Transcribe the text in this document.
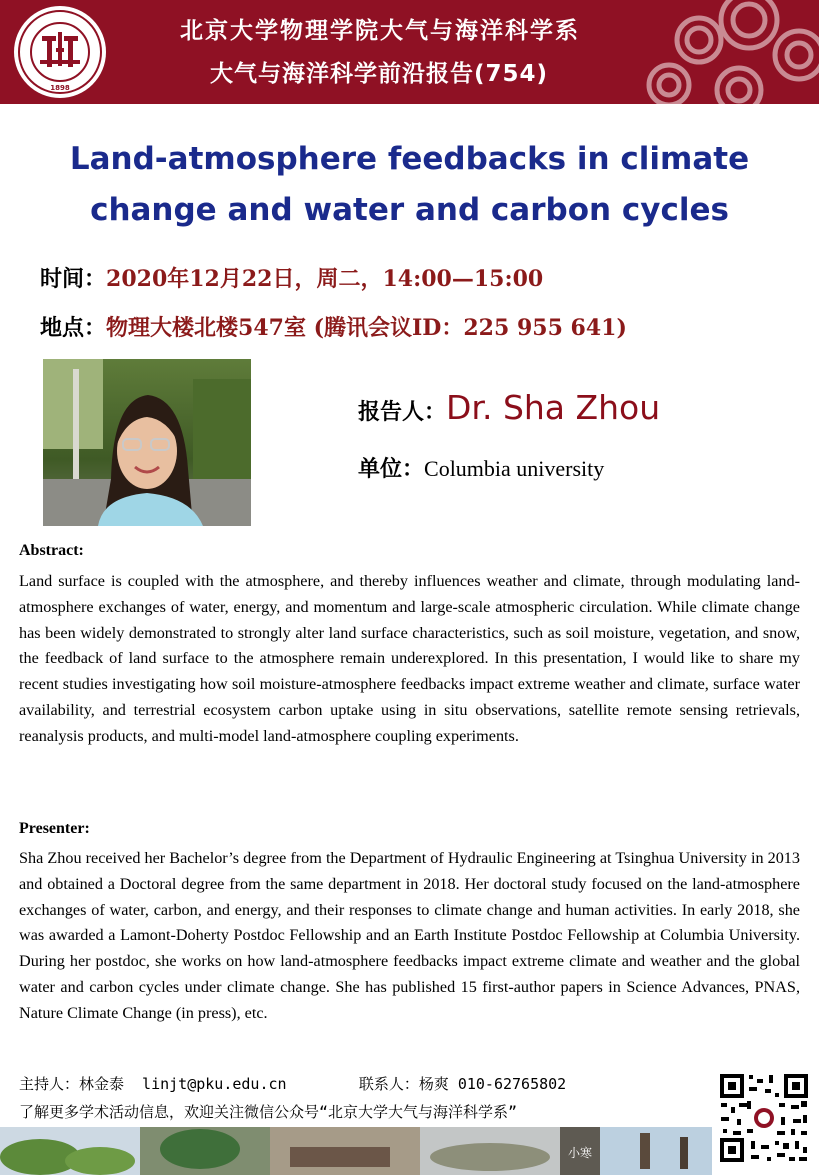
1898
北京大学物理学院大气与海洋科学系
大气与海洋科学前沿报告(754)
Land-atmosphere feedbacks in climate
change and water and carbon cycles
时间：2020年12月22日，周二，14:00—15:00
地点：物理大楼北楼547室 (腾讯会议ID：225 955 641)
报告人：Dr. Sha Zhou
单位：Columbia university
Abstract:
Land surface is coupled with the atmosphere, and thereby influences weather and climate, through modulating land-atmosphere exchanges of water, energy, and momentum and large-scale atmospheric circulation. While climate change has been widely demonstrated to strongly alter land surface characteristics, such as soil moisture, vegetation, and snow, the feedback of land surface to the atmosphere remain underexplored. In this presentation, I would like to share my recent studies investigating how soil moisture-atmosphere feedbacks impact extreme weather and climate, surface water availability, and terrestrial ecosystem carbon uptake using in situ observations, satellite remote sensing retrievals, reanalysis products, and multi-model land-atmosphere coupling experiments.
Presenter:
Sha Zhou received her Bachelor’s degree from the Department of Hydraulic Engineering at Tsinghua University in 2013 and obtained a Doctoral degree from the same department in 2018. Her doctoral study focused on the land-atmosphere exchanges of water, carbon, and energy, and their responses to climate change and human activities. In early 2018, she was awarded a Lamont-Doherty Postdoc Fellowship and an Earth Institute Postdoc Fellowship at Columbia University. During her postdoc, she works on how land-atmosphere feedbacks impact extreme climate and weather and the global water and carbon cycles under climate change. She has published 15 first-author papers in Science Advances, PNAS, Nature Climate Change (in press), etc.
主持人：林金泰  linjt@pku.edu.cn	联系人：杨爽 010-62765802
了解更多学术活动信息，欢迎关注微信公众号“北京大学大气与海洋科学系”
小寒
